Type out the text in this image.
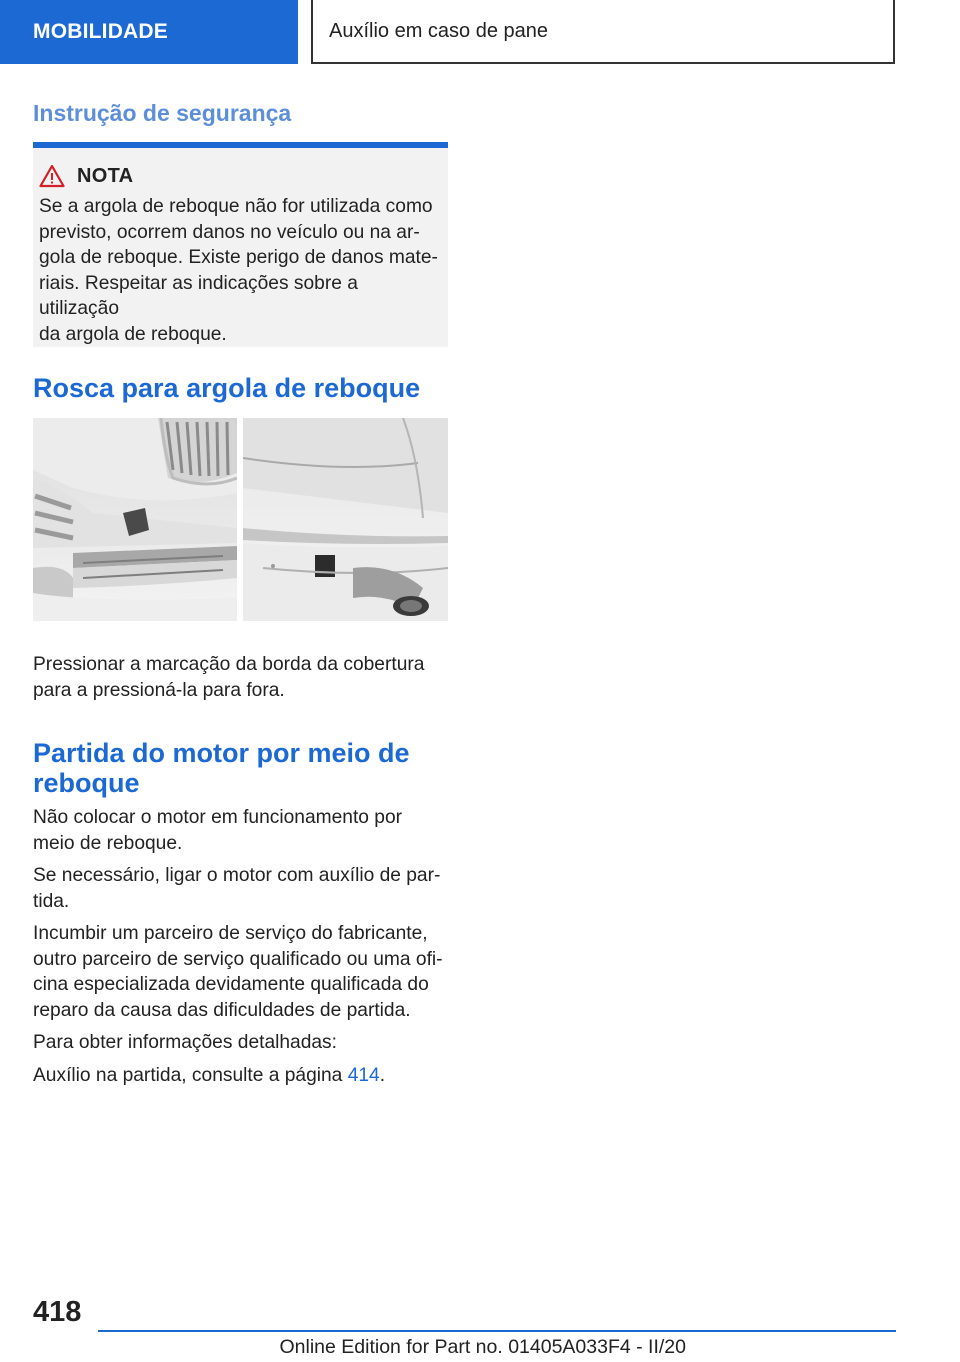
MOBILIDADE	Auxílio em caso de pane
Instrução de segurança
NOTA
Se a argola de reboque não for utilizada como
previsto, ocorrem danos no veículo ou na ar-
gola de reboque. Existe perigo de danos mate-
riais. Respeitar as indicações sobre a utilização
da argola de reboque.
Rosca para argola de reboque
Pressionar a marcação da borda da cobertura
para a pressioná-la para fora.
Partida do motor por meio de
reboque
Não colocar o motor em funcionamento por
meio de reboque.
Se necessário, ligar o motor com auxílio de par-
tida.
Incumbir um parceiro de serviço do fabricante,
outro parceiro de serviço qualificado ou uma ofi-
cina especializada devidamente qualificada do
reparo da causa das dificuldades de partida.
Para obter informações detalhadas:
Auxílio na partida, consulte a página 414.
418
Online Edition for Part no. 01405A033F4 - II/20
